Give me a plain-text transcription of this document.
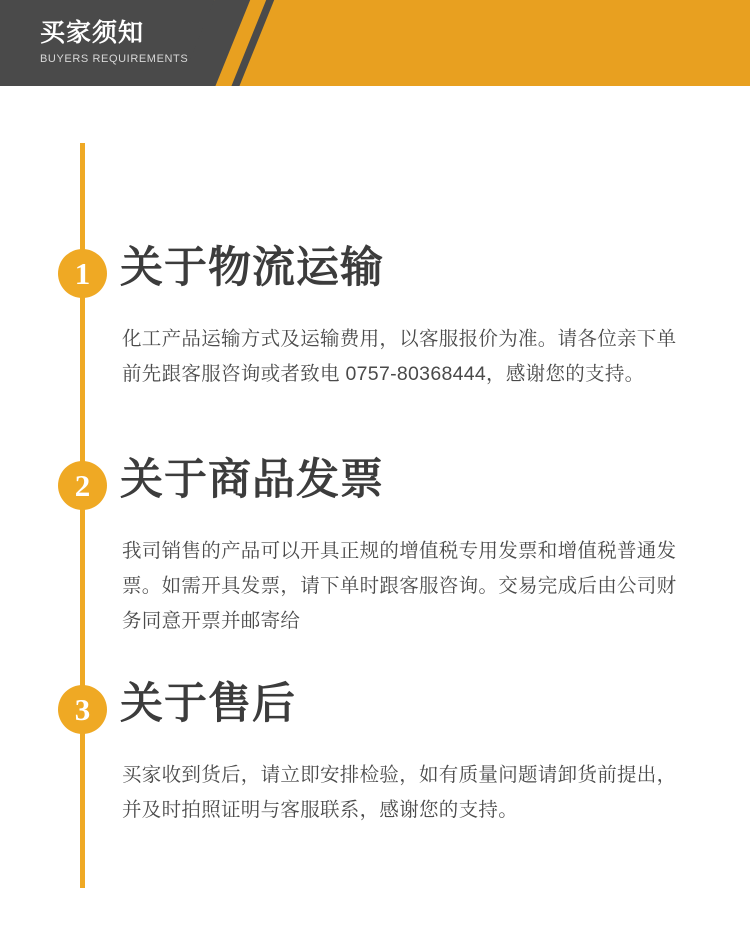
买家须知
BUYERS REQUIREMENTS
1 关于物流运输
化工产品运输方式及运输费用，以客服报价为准。请各位亲下单前先跟客服咨询或者致电 0757-80368444，感谢您的支持。
2 关于商品发票
我司销售的产品可以开具正规的增值税专用发票和增值税普通发票。如需开具发票，请下单时跟客服咨询。交易完成后由公司财务同意开票并邮寄给
3 关于售后
买家收到货后，请立即安排检验，如有质量问题请卸货前提出，并及时拍照证明与客服联系，感谢您的支持。
